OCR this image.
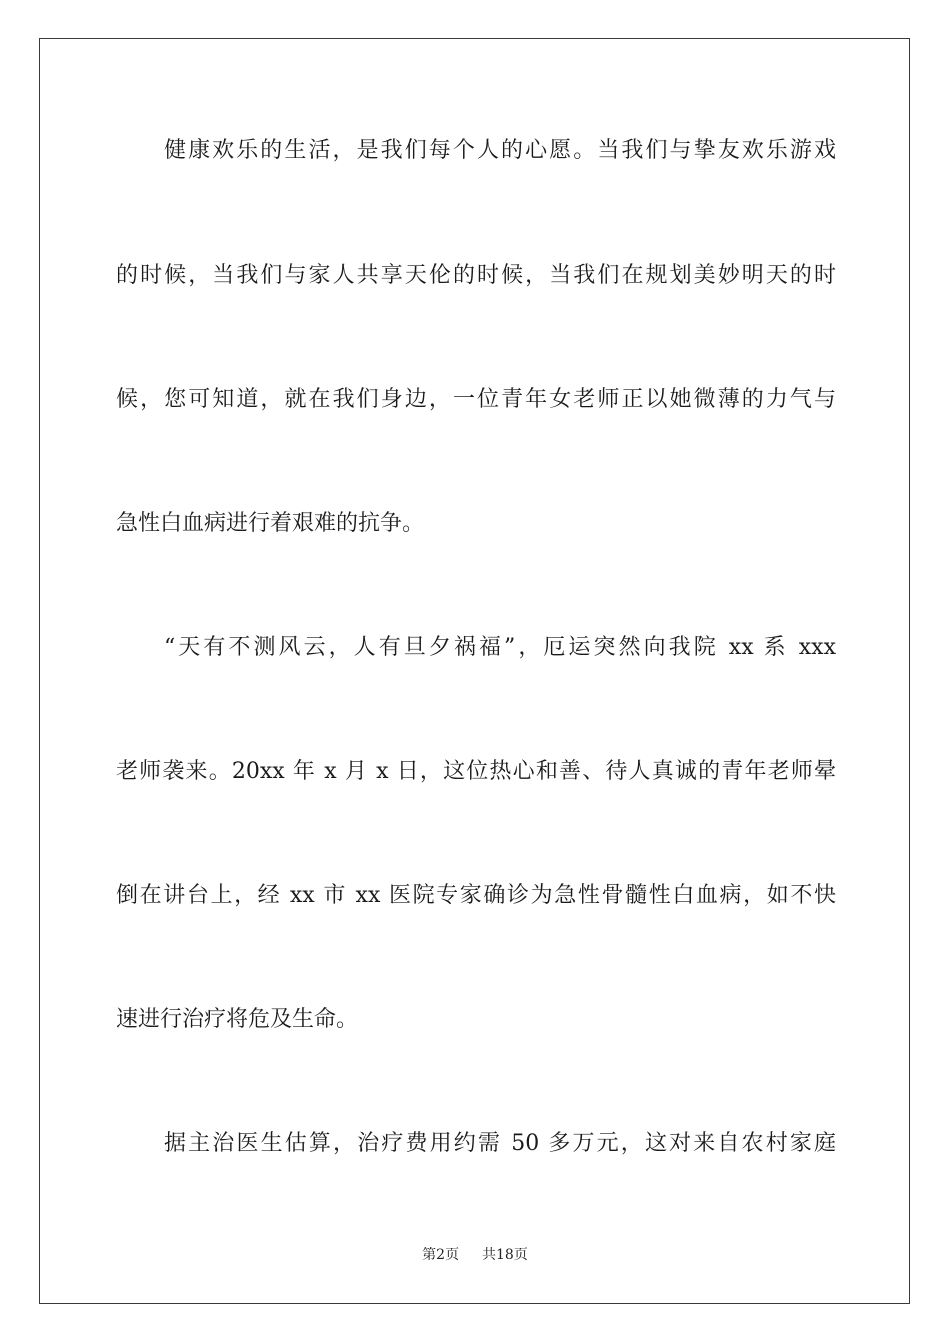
健康欢乐的生活，是我们每个人的心愿。当我们与挚友欢乐游戏
的时候，当我们与家人共享天伦的时候，当我们在规划美妙明天的时
候，您可知道，就在我们身边，一位青年女老师正以她微薄的力气与
急性白血病进行着艰难的抗争。
“天有不测风云，人有旦夕祸福”，厄运突然向我院 xx 系 xxx
老师袭来。20xx 年 x 月 x 日，这位热心和善、待人真诚的青年老师晕
倒在讲台上，经 xx 市 xx 医院专家确诊为急性骨髓性白血病，如不快
速进行治疗将危及生命。
据主治医生估算，治疗费用约需 50 多万元，这对来自农村家庭
第2页 共18页
